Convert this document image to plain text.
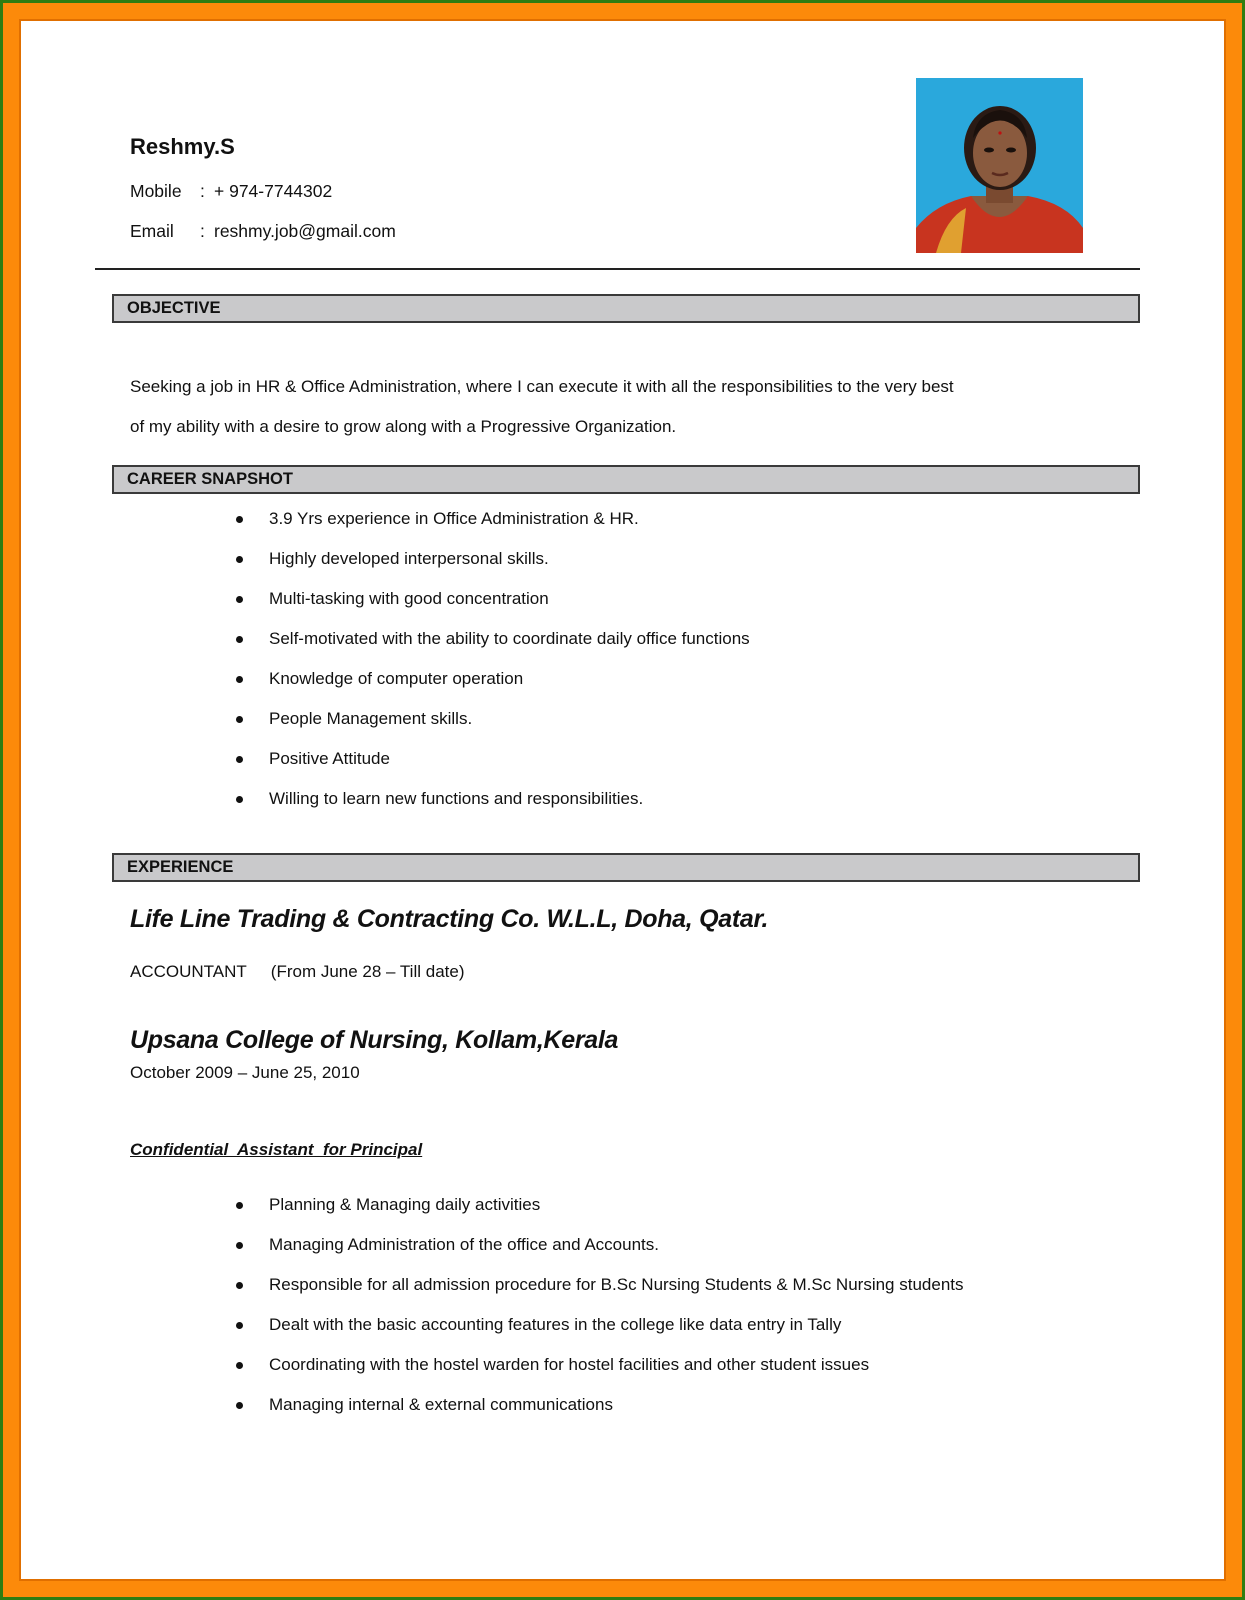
Reshmy.S
Mobile : + 974-7744302
Email : reshmy.job@gmail.com
OBJECTIVE
Seeking a job in HR & Office Administration, where I can execute it with all the responsibilities to the very best
of my ability with a desire to grow along with a Progressive Organization.
CAREER SNAPSHOT
3.9 Yrs experience in Office Administration & HR.
Highly developed interpersonal skills.
Multi-tasking with good concentration
Self-motivated with the ability to coordinate daily office functions
Knowledge of computer operation
People Management skills.
Positive Attitude
Willing to learn new functions and responsibilities.
EXPERIENCE
Life Line Trading & Contracting Co. W.L.L, Doha, Qatar.
ACCOUNTANT (From June 28 – Till date)
Upsana College of Nursing, Kollam,Kerala
October 2009 – June 25, 2010
Confidential  Assistant  for Principal
Planning & Managing daily activities
Managing Administration of the office and Accounts.
Responsible for all admission procedure for B.Sc Nursing Students & M.Sc Nursing students
Dealt with the basic accounting features in the college like data entry in Tally
Coordinating with the hostel warden for hostel facilities and other student issues
Managing internal & external communications
